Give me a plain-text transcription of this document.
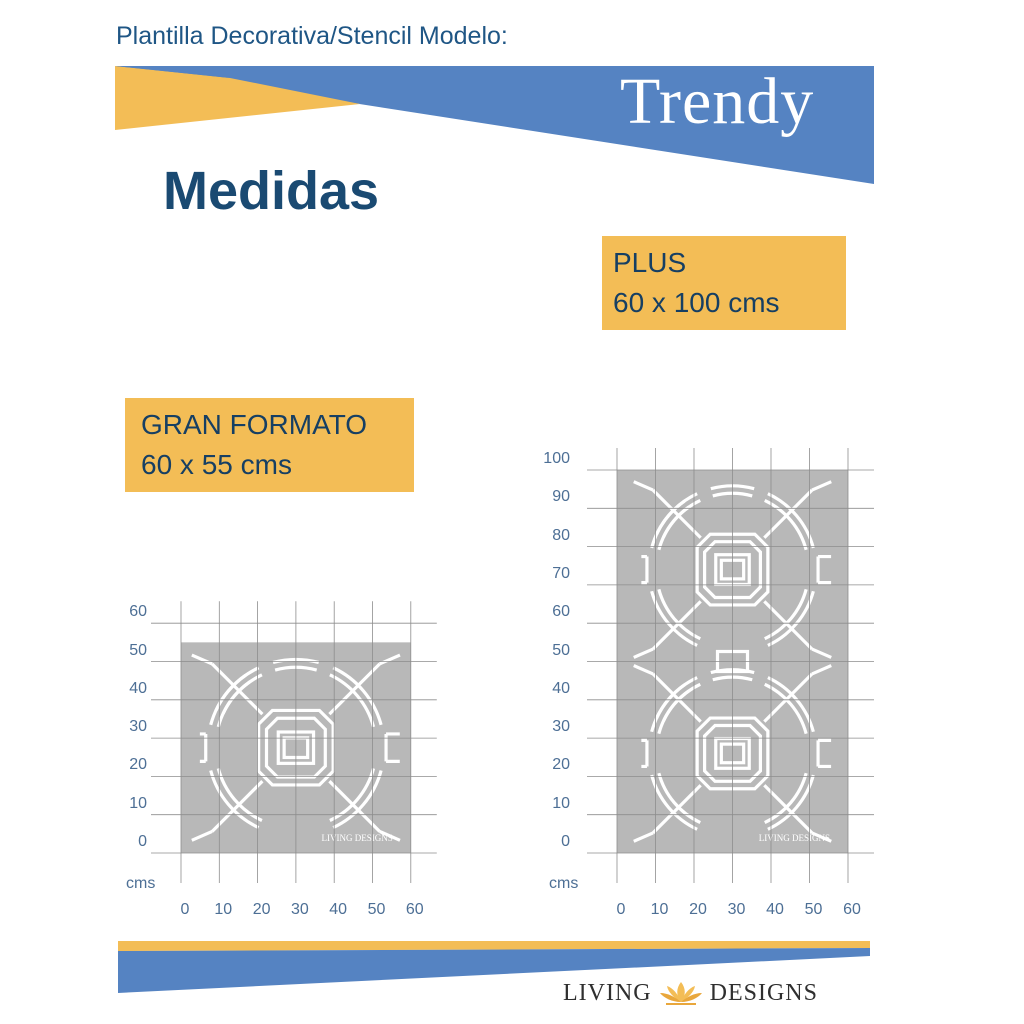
Plantilla Decorativa/Stencil Modelo:
Trendy
Medidas
PLUS
60 x 100 cms
GRAN FORMATO
60 x 55 cms
LIVING DESIGNS	LIVING DESIGNS
60
50
40
30
20
10
0
0	10	20	30	40	50	60
cms
100
90
80
70
60
50
40
30
20
10
0
0	10	20	30	40	50	60
cms
LIVING DESIGNS
